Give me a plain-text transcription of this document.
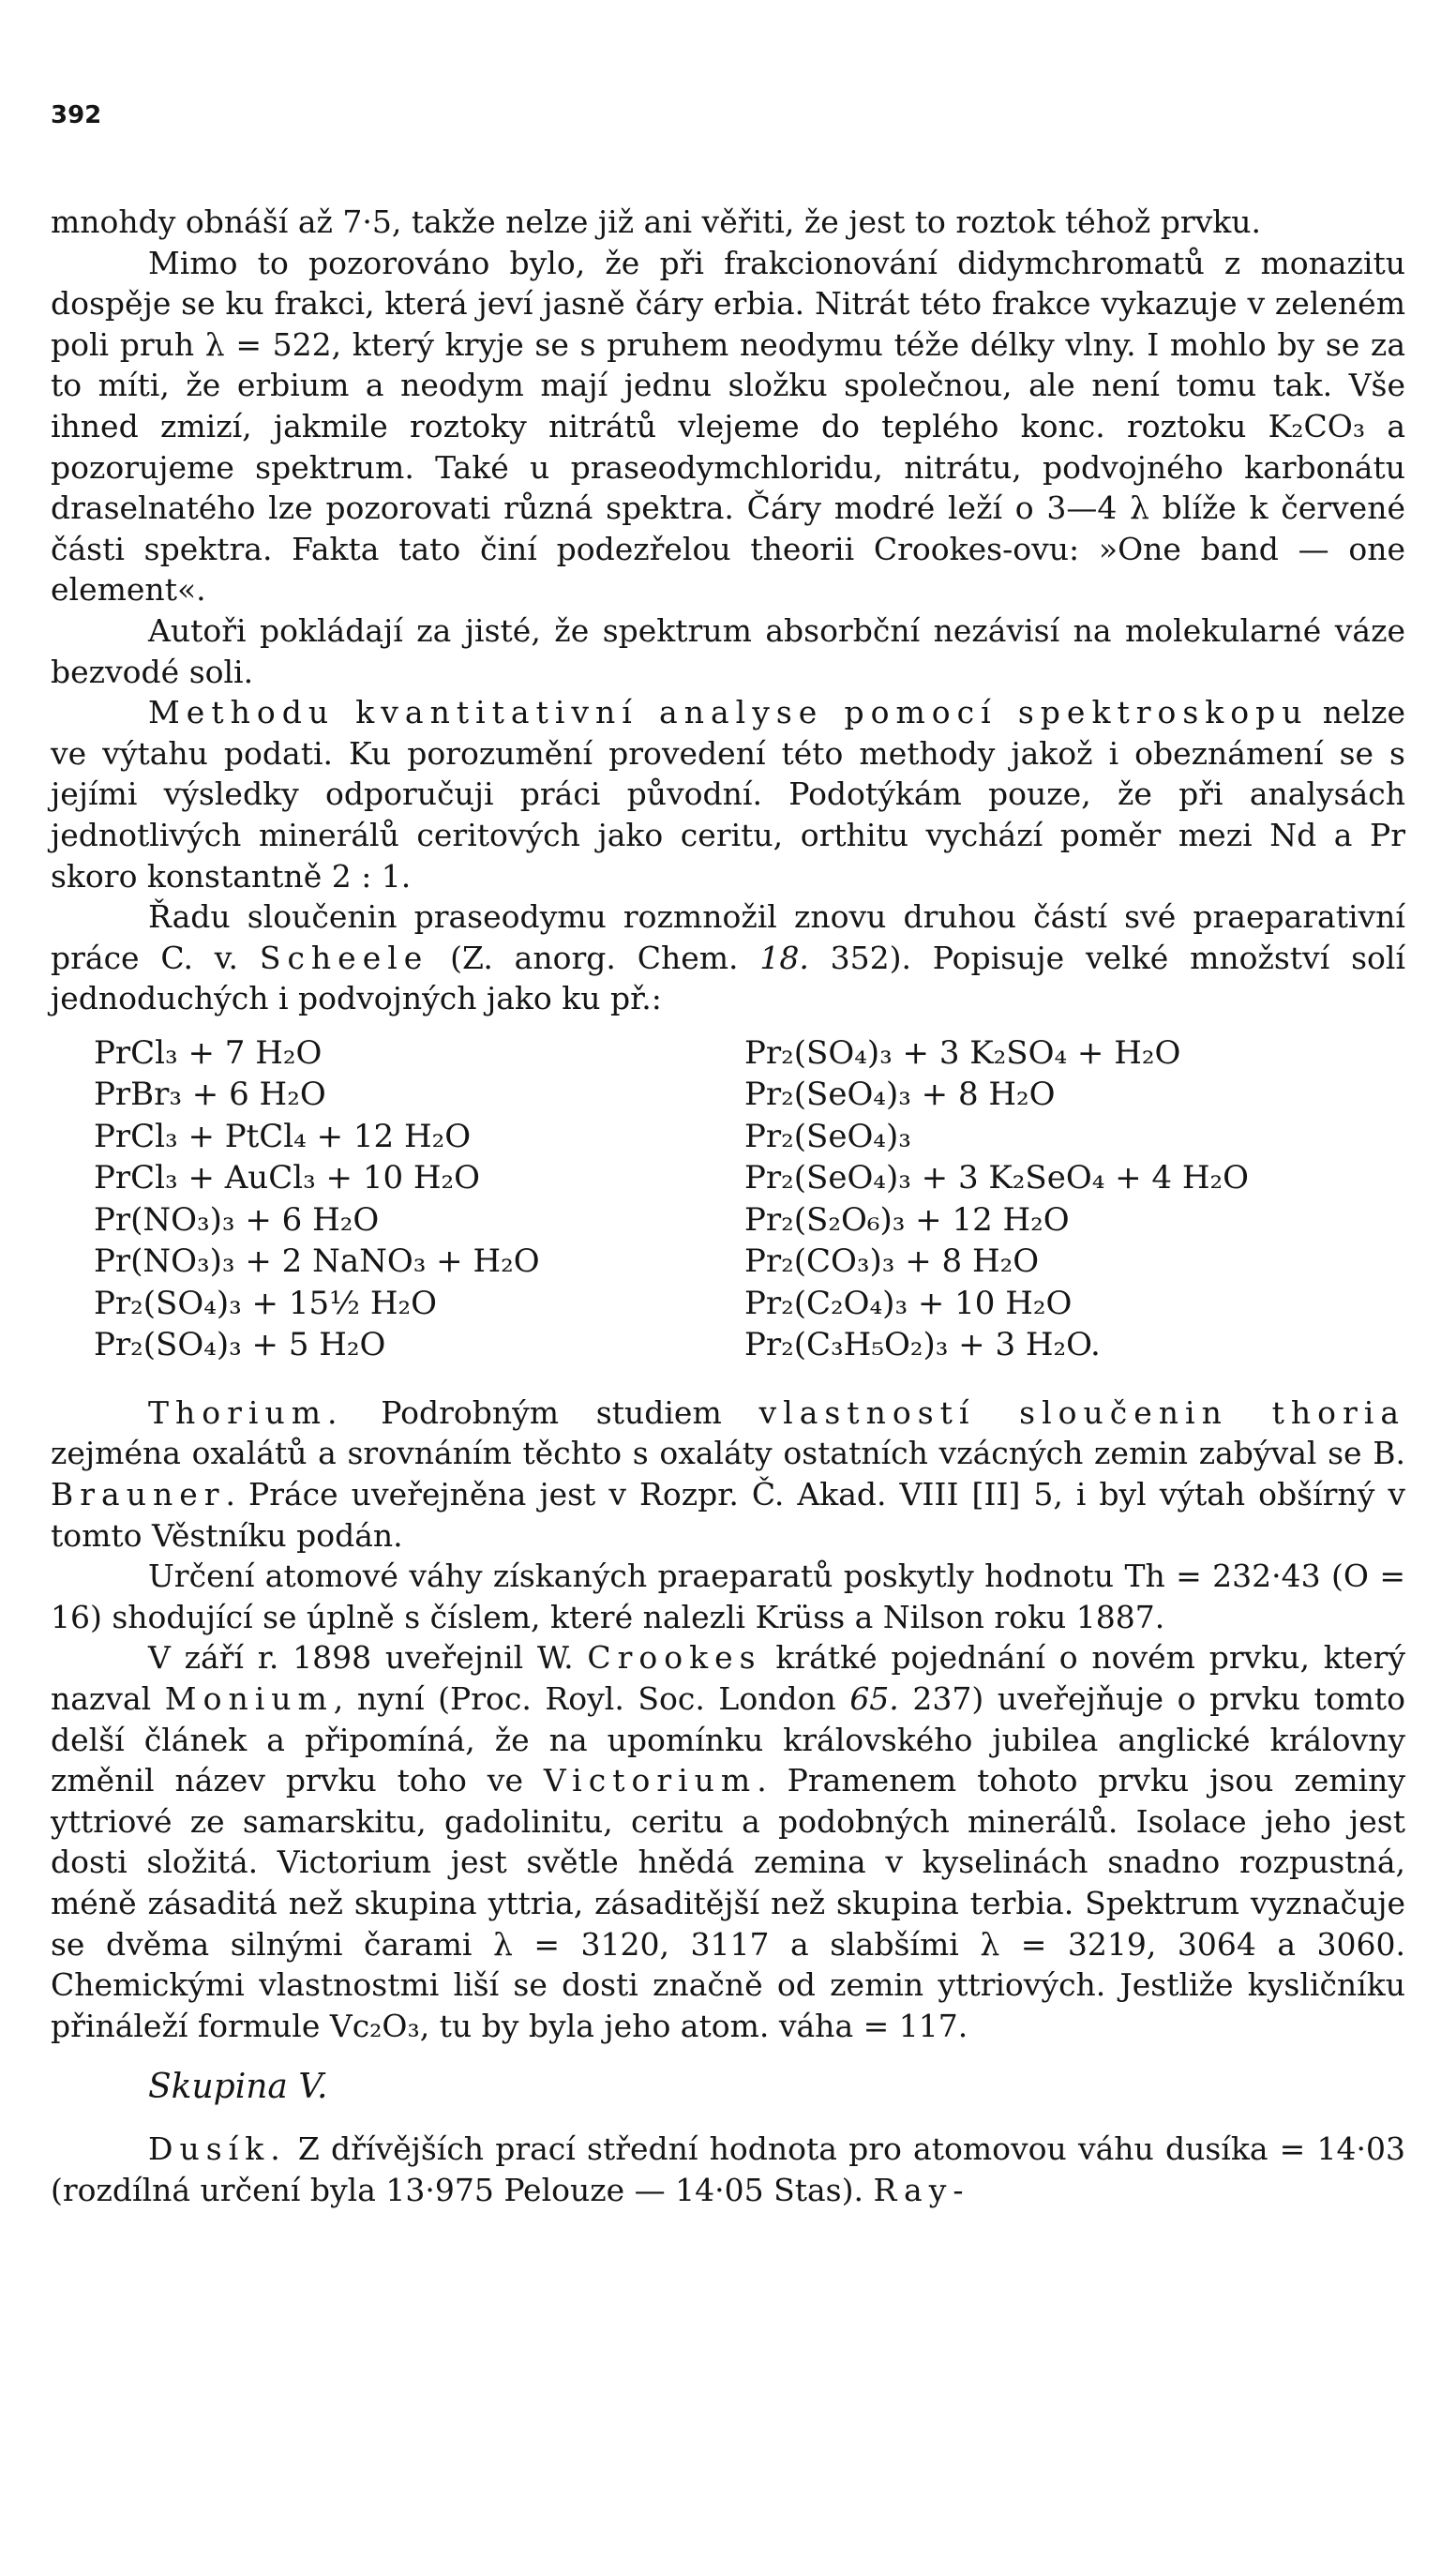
392

mnohdy obnáší až 7·5, takže nelze již ani věřiti, že jest to roztok téhož prvku.

Mimo to pozorováno bylo, že při frakcionování didymchromatů z monazitu dospěje se ku frakci, která jeví jasně čáry erbia. Nitrát této frakce vykazuje v zeleném poli pruh λ = 522, který kryje se s pruhem neodymu téže délky vlny. I mohlo by se za to míti, že erbium a neodym mají jednu složku společnou, ale není tomu tak. Vše ihned zmizí, jakmile roztoky nitrátů vlejeme do teplého konc. roztoku K₂CO₃ a pozorujeme spektrum. Také u praseodymchloridu, nitrátu, podvojného karbonátu draselnatého lze pozorovati různá spektra. Čáry modré leží o 3—4 λ blíže k červené části spektra. Fakta tato činí podezřelou theorii Crookes-ovu: »One band — one element«.

Autoři pokládají za jisté, že spektrum absorbční nezávisí na molekularné váze bezvodé soli.

Methodu kvantitativní analyse pomocí spektroskopu nelze ve výtahu podati. Ku porozumění provedení této methody jakož i obeznámení se s jejími výsledky odporučuji práci původní. Podotýkám pouze, že při analysách jednotlivých minerálů ceritových jako ceritu, orthitu vychází poměr mezi Nd a Pr skoro konstantně 2 : 1.

Řadu sloučenin praseodymu rozmnožil znovu druhou částí své praeparativní práce C. v. Scheele (Z. anorg. Chem. 18. 352). Popisuje velké množství solí jednoduchých i podvojných jako ku př.:

PrCl₃ + 7 H₂O
PrBr₃ + 6 H₂O
PrCl₃ + PtCl₄ + 12 H₂O
PrCl₃ + AuCl₃ + 10 H₂O
Pr(NO₃)₃ + 6 H₂O
Pr(NO₃)₃ + 2 NaNO₃ + H₂O
Pr₂(SO₄)₃ + 15½ H₂O
Pr₂(SO₄)₃ + 5 H₂O
Pr₂(SO₄)₃ + 3 K₂SO₄ + H₂O
Pr₂(SeO₄)₃ + 8 H₂O
Pr₂(SeO₄)₃
Pr₂(SeO₄)₃ + 3 K₂SeO₄ + 4 H₂O
Pr₂(S₂O₆)₃ + 12 H₂O
Pr₂(CO₃)₃ + 8 H₂O
Pr₂(C₂O₄)₃ + 10 H₂O
Pr₂(C₃H₅O₂)₃ + 3 H₂O.

Thorium. Podrobným studiem vlastností sloučenin thoria zejména oxalátů a srovnáním těchto s oxaláty ostatních vzácných zemin zabýval se B. Brauner. Práce uveřejněna jest v Rozpr. Č. Akad. VIII [II] 5, i byl výtah obšírný v tomto Věstníku podán.

Určení atomové váhy získaných praeparatů poskytly hodnotu Th = 232·43 (O = 16) shodující se úplně s číslem, které nalezli Krüss a Nilson roku 1887.

V září r. 1898 uveřejnil W. Crookes krátké pojednání o novém prvku, který nazval Monium, nyní (Proc. Royl. Soc. London 65. 237) uveřejňuje o prvku tomto delší článek a připomíná, že na upomínku královského jubilea anglické královny změnil název prvku toho ve Victorium. Pramenem tohoto prvku jsou zeminy yttriové ze samarskitu, gadolinitu, ceritu a podobných minerálů. Isolace jeho jest dosti složitá. Victorium jest světle hnědá zemina v kyselinách snadno rozpustná, méně zásaditá než skupina yttria, zásaditější než skupina terbia. Spektrum vyznačuje se dvěma silnými čarami λ = 3120, 3117 a slabšími λ = 3219, 3064 a 3060. Chemickými vlastnostmi liší se dosti značně od zemin yttriových. Jestliže kysličníku přináleží formule Vc₂O₃, tu by byla jeho atom. váha = 117.

Skupina V.

Dusík. Z dřívějších prací střední hodnota pro atomovou váhu dusíka = 14·03 (rozdílná určení byla 13·975 Pelouze — 14·05 Stas). Ray-
